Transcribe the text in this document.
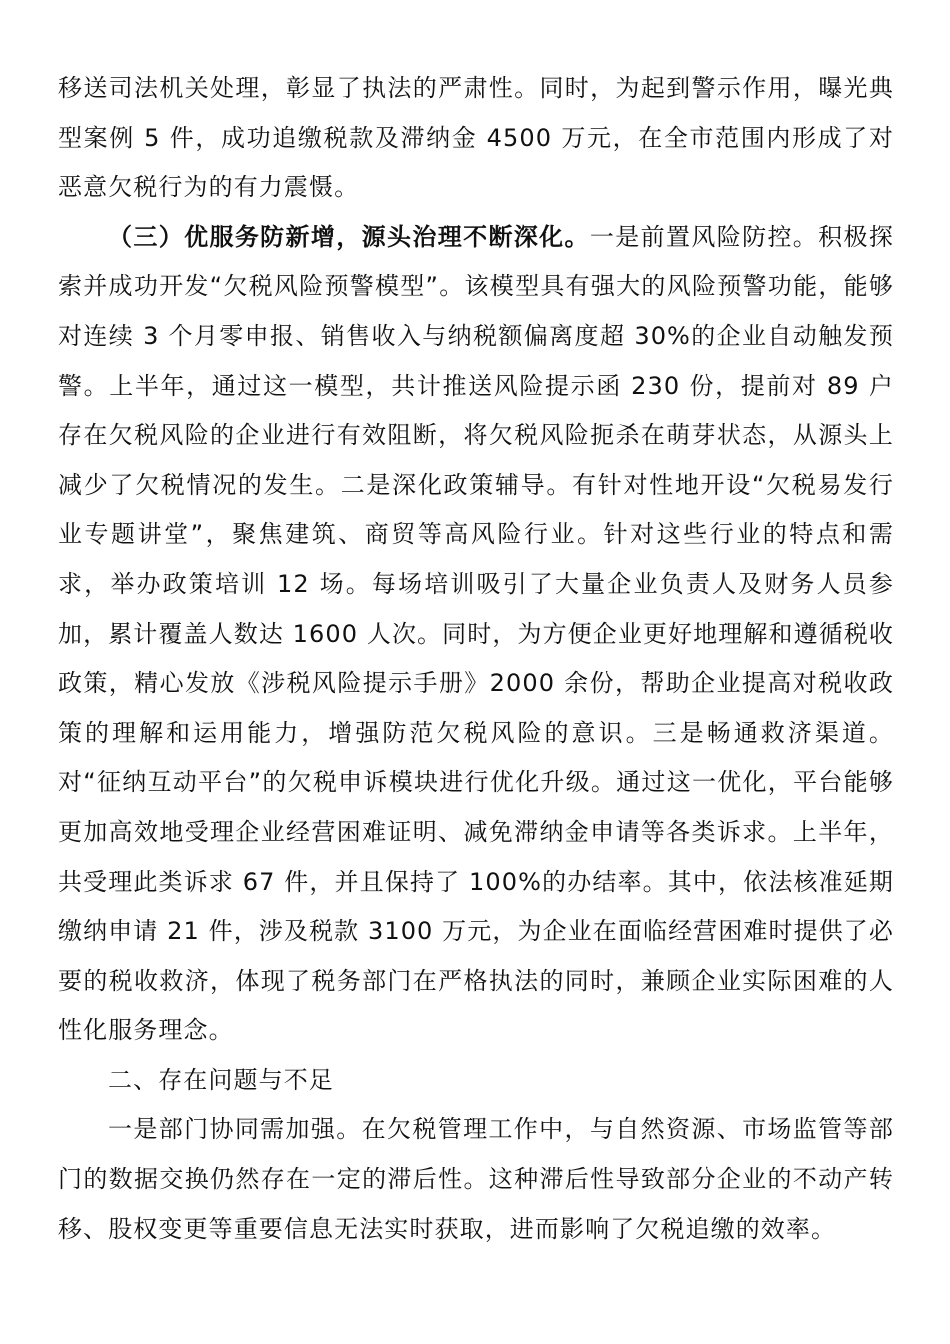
移送司法机关处理，彰显了执法的严肃性。同时，为起到警示作用，曝光典型案例 5 件，成功追缴税款及滞纳金 4500 万元，在全市范围内形成了对恶意欠税行为的有力震慑。

（三）优服务防新增，源头治理不断深化。一是前置风险防控。积极探索并成功开发“欠税风险预警模型”。该模型具有强大的风险预警功能，能够对连续 3 个月零申报、销售收入与纳税额偏离度超 30%的企业自动触发预警。上半年，通过这一模型，共计推送风险提示函 230 份，提前对 89 户存在欠税风险的企业进行有效阻断，将欠税风险扼杀在萌芽状态，从源头上减少了欠税情况的发生。二是深化政策辅导。有针对性地开设“欠税易发行业专题讲堂”，聚焦建筑、商贸等高风险行业。针对这些行业的特点和需求，举办政策培训 12 场。每场培训吸引了大量企业负责人及财务人员参加，累计覆盖人数达 1600 人次。同时，为方便企业更好地理解和遵循税收政策，精心发放《涉税风险提示手册》2000 余份，帮助企业提高对税收政策的理解和运用能力，增强防范欠税风险的意识。三是畅通救济渠道。对“征纳互动平台”的欠税申诉模块进行优化升级。通过这一优化，平台能够更加高效地受理企业经营困难证明、减免滞纳金申请等各类诉求。上半年，共受理此类诉求 67 件，并且保持了 100%的办结率。其中，依法核准延期缴纳申请 21 件，涉及税款 3100 万元，为企业在面临经营困难时提供了必要的税收救济，体现了税务部门在严格执法的同时，兼顾企业实际困难的人性化服务理念。

二、存在问题与不足

一是部门协同需加强。在欠税管理工作中，与自然资源、市场监管等部门的数据交换仍然存在一定的滞后性。这种滞后性导致部分企业的不动产转移、股权变更等重要信息无法实时获取，进而影响了欠税追缴的效率。
